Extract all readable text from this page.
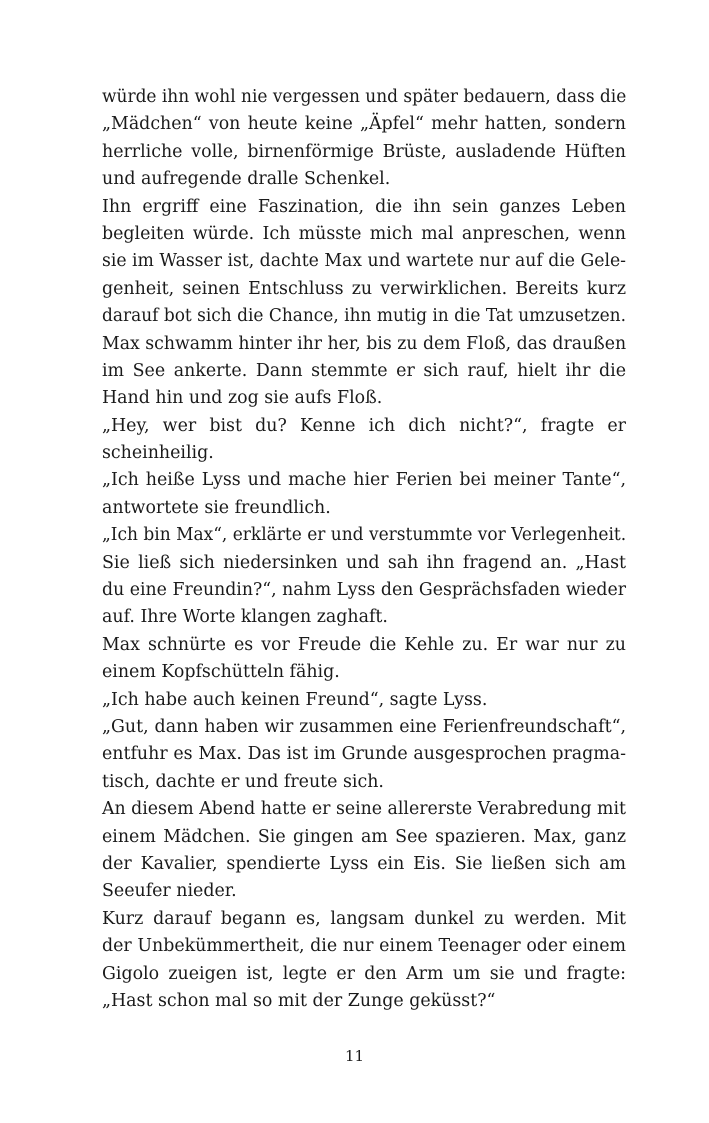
würde ihn wohl nie vergessen und später bedauern, dass die
„Mädchen“ von heute keine „Äpfel“ mehr hatten, sondern
herrliche volle, birnenförmige Brüste, ausladende Hüften
und aufregende dralle Schenkel.
Ihn ergriff eine Faszination, die ihn sein ganzes Leben
begleiten würde. Ich müsste mich mal anpreschen, wenn
sie im Wasser ist, dachte Max und wartete nur auf die Gele-
genheit, seinen Entschluss zu verwirklichen. Bereits kurz
darauf bot sich die Chance, ihn mutig in die Tat umzusetzen.
Max schwamm hinter ihr her, bis zu dem Floß, das draußen
im See ankerte. Dann stemmte er sich rauf, hielt ihr die
Hand hin und zog sie aufs Floß.
„Hey, wer bist du? Kenne ich dich nicht?“, fragte er
scheinheilig.
„Ich heiße Lyss und mache hier Ferien bei meiner Tante“,
antwortete sie freundlich.
„Ich bin Max“, erklärte er und verstummte vor Verlegenheit.
Sie ließ sich niedersinken und sah ihn fragend an. „Hast
du eine Freundin?“, nahm Lyss den Gesprächsfaden wieder
auf. Ihre Worte klangen zaghaft.
Max schnürte es vor Freude die Kehle zu. Er war nur zu
einem Kopfschütteln fähig.
„Ich habe auch keinen Freund“, sagte Lyss.
„Gut, dann haben wir zusammen eine Ferienfreundschaft“,
entfuhr es Max. Das ist im Grunde ausgesprochen pragma-
tisch, dachte er und freute sich.
An diesem Abend hatte er seine allererste Verabredung mit
einem Mädchen. Sie gingen am See spazieren. Max, ganz
der Kavalier, spendierte Lyss ein Eis. Sie ließen sich am
Seeufer nieder.
Kurz darauf begann es, langsam dunkel zu werden. Mit
der Unbekümmertheit, die nur einem Teenager oder einem
Gigolo zueigen ist, legte er den Arm um sie und fragte:
„Hast schon mal so mit der Zunge geküsst?“
11
